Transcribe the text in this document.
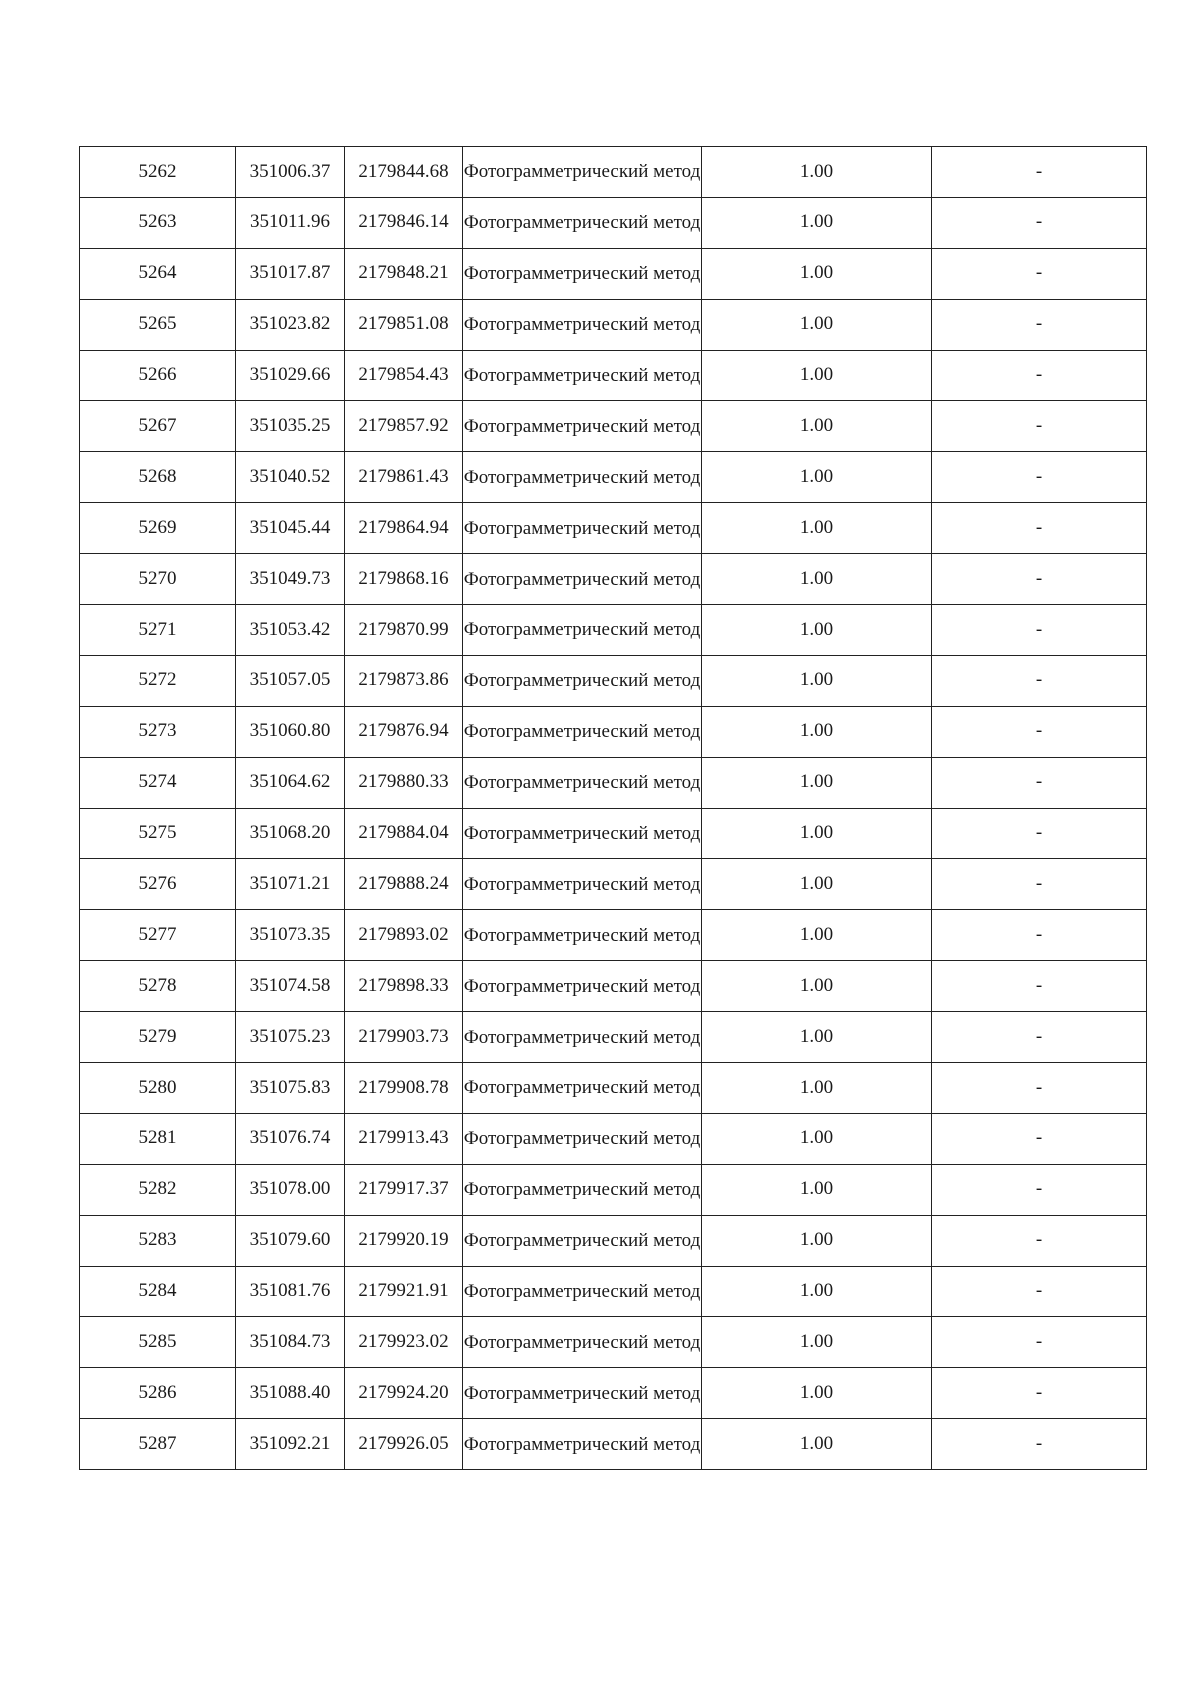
5262	351006.37	2179844.68	Фотограмметрический метод	1.00	-
5263	351011.96	2179846.14	Фотограмметрический метод	1.00	-
5264	351017.87	2179848.21	Фотограмметрический метод	1.00	-
5265	351023.82	2179851.08	Фотограмметрический метод	1.00	-
5266	351029.66	2179854.43	Фотограмметрический метод	1.00	-
5267	351035.25	2179857.92	Фотограмметрический метод	1.00	-
5268	351040.52	2179861.43	Фотограмметрический метод	1.00	-
5269	351045.44	2179864.94	Фотограмметрический метод	1.00	-
5270	351049.73	2179868.16	Фотограмметрический метод	1.00	-
5271	351053.42	2179870.99	Фотограмметрический метод	1.00	-
5272	351057.05	2179873.86	Фотограмметрический метод	1.00	-
5273	351060.80	2179876.94	Фотограмметрический метод	1.00	-
5274	351064.62	2179880.33	Фотограмметрический метод	1.00	-
5275	351068.20	2179884.04	Фотограмметрический метод	1.00	-
5276	351071.21	2179888.24	Фотограмметрический метод	1.00	-
5277	351073.35	2179893.02	Фотограмметрический метод	1.00	-
5278	351074.58	2179898.33	Фотограмметрический метод	1.00	-
5279	351075.23	2179903.73	Фотограмметрический метод	1.00	-
5280	351075.83	2179908.78	Фотограмметрический метод	1.00	-
5281	351076.74	2179913.43	Фотограмметрический метод	1.00	-
5282	351078.00	2179917.37	Фотограмметрический метод	1.00	-
5283	351079.60	2179920.19	Фотограмметрический метод	1.00	-
5284	351081.76	2179921.91	Фотограмметрический метод	1.00	-
5285	351084.73	2179923.02	Фотограмметрический метод	1.00	-
5286	351088.40	2179924.20	Фотограмметрический метод	1.00	-
5287	351092.21	2179926.05	Фотограмметрический метод	1.00	-
